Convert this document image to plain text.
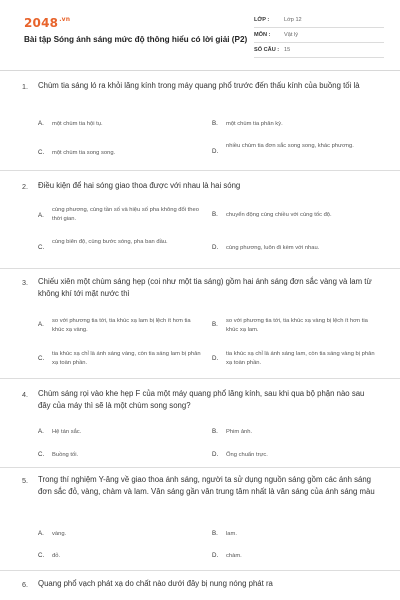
$2048^{.vn}$
Bài tập Sóng ánh sáng mức độ thông hiểu có lời giải (P2)
LỚP :	Lớp 12
MÔN : Vật lý
SỐ CÂU : 15
1. Chùm tia sáng ló ra khỏi lăng kính trong máy quang phổ trước đến thấu kính của buồng tối là
A. một chùm tia hội tụ.	B. một chùm tia phân kỳ.
C. một chùm tia song song.	D.
nhiều chùm tia đơn sắc song song, khác phương.
2. Điều kiện để hai sóng giao thoa được với nhau là hai sóng
A.
cùng phương, cùng tần số và hiệu số pha không đổi theo thời gian.
B. chuyển động cùng chiều với cùng tốc độ.
C.
cùng biên độ, cùng bước sóng, pha ban đầu.
D. cùng phương, luôn đi kèm với nhau.
3. Chiếu xiên một chùm sáng hẹp (coi như một tia sáng) gồm hai ánh sáng đơn sắc vàng và lam từ không khí tới mặt nước thì
A. so với phương tia tới, tia khúc xạ lam bị lệch ít hơn tia khúc xạ vàng.
B. so với phương tia tới, tia khúc xạ vàng bị lệch ít hơn tia khúc xạ lam.
C.
tia khúc xạ chỉ là ánh sáng vàng, còn tia sáng lam bị phản xạ toàn phần.
D.
tia khúc xạ chỉ là ánh sáng lam, còn tia sáng vàng bị phản xạ toàn phần.
4. Chùm sáng rọi vào khe hẹp F của một máy quang phổ lăng kính, sau khi qua bộ phận nào sau đây của máy thì sẽ là một chùm song song?
A. Hệ tán sắc.	B. Phim ảnh.
C. Buồng tối.	D. Ống chuẩn trực.
5. Trong thí nghiệm Y-âng về giao thoa ánh sáng, người ta sử dụng nguồn sáng gồm các ánh sáng đơn sắc đỏ, vàng, chàm và lam. Vân sáng gần vân trung tâm nhất là vân sáng của ánh sáng màu
A. vàng.	B. lam.
C. đỏ.	D. chàm.
6. Quang phổ vạch phát xạ do chất nào dưới đây bị nung nóng phát ra
